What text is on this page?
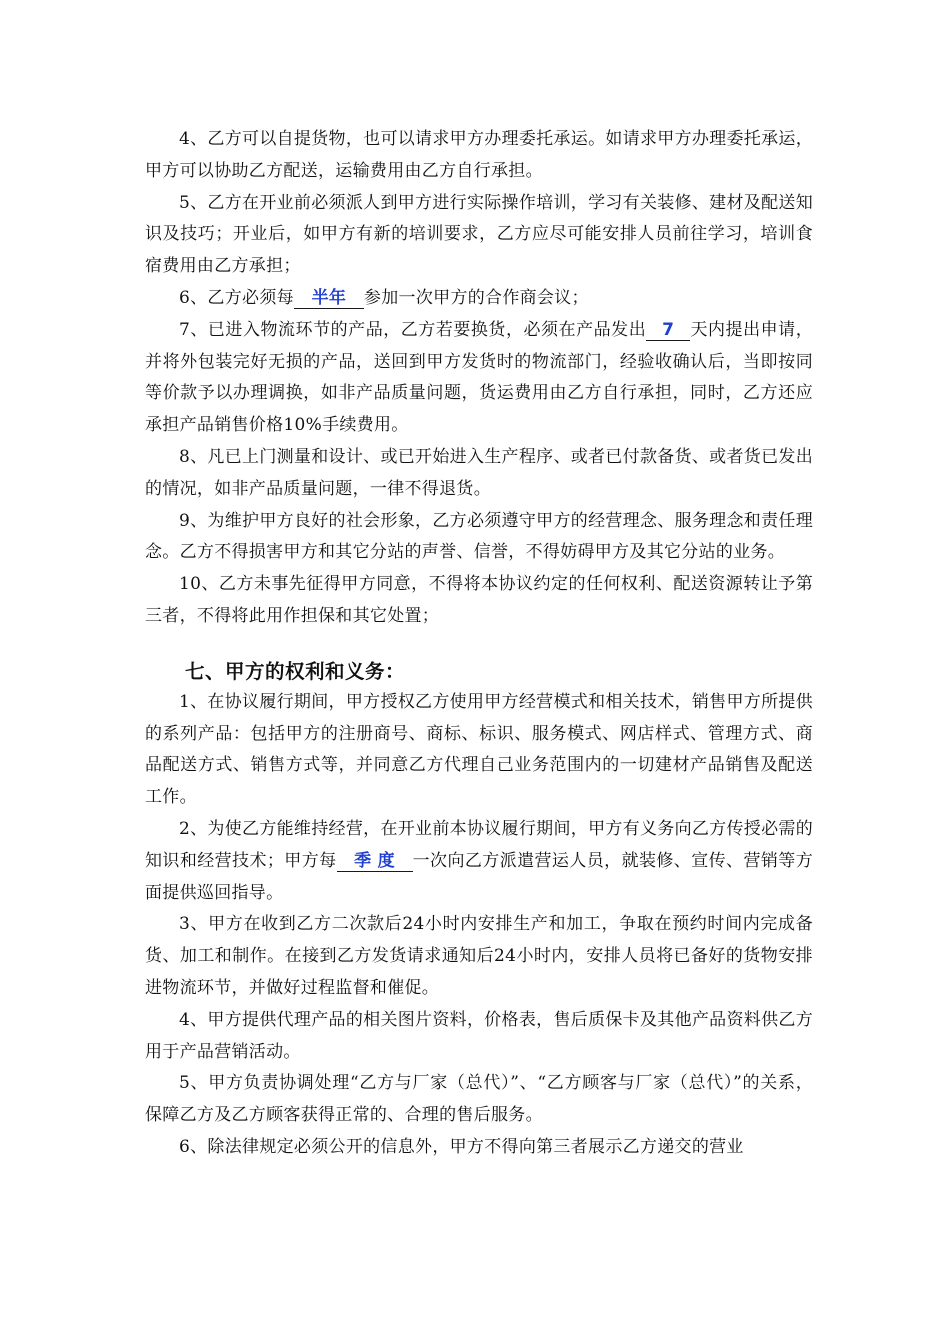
4、乙方可以自提货物，也可以请求甲方办理委托承运。如请求甲方办理委托承运，甲方可以协助乙方配送，运输费用由乙方自行承担。

5、乙方在开业前必须派人到甲方进行实际操作培训，学习有关装修、建材及配送知识及技巧；开业后，如甲方有新的培训要求，乙方应尽可能安排人员前往学习，培训食宿费用由乙方承担；

6、乙方必须每 半年 参加一次甲方的合作商会议；

7、已进入物流环节的产品，乙方若要换货，必须在产品发出 7 天内提出申请，并将外包装完好无损的产品，送回到甲方发货时的物流部门，经验收确认后，当即按同等价款予以办理调换，如非产品质量问题，货运费用由乙方自行承担，同时，乙方还应承担产品销售价格10%手续费用。

8、凡已上门测量和设计、或已开始进入生产程序、或者已付款备货、或者货已发出的情况，如非产品质量问题，一律不得退货。

9、为维护甲方良好的社会形象，乙方必须遵守甲方的经营理念、服务理念和责任理念。乙方不得损害甲方和其它分站的声誉、信誉，不得妨碍甲方及其它分站的业务。

10、乙方未事先征得甲方同意，不得将本协议约定的任何权利、配送资源转让予第三者，不得将此用作担保和其它处置；

七、甲方的权利和义务：

1、在协议履行期间，甲方授权乙方使用甲方经营模式和相关技术，销售甲方所提供的系列产品：包括甲方的注册商号、商标、标识、服务模式、网店样式、管理方式、商品配送方式、销售方式等，并同意乙方代理自己业务范围内的一切建材产品销售及配送工作。

2、为使乙方能维持经营，在开业前本协议履行期间，甲方有义务向乙方传授必需的知识和经营技术；甲方每 季 度 一次向乙方派遣营运人员，就装修、宣传、营销等方面提供巡回指导。

3、甲方在收到乙方二次款后24小时内安排生产和加工，争取在预约时间内完成备货、加工和制作。在接到乙方发货请求通知后24小时内，安排人员将已备好的货物安排进物流环节，并做好过程监督和催促。

4、甲方提供代理产品的相关图片资料，价格表，售后质保卡及其他产品资料供乙方用于产品营销活动。

5、甲方负责协调处理“乙方与厂家（总代）”、“乙方顾客与厂家（总代）”的关系，保障乙方及乙方顾客获得正常的、合理的售后服务。

6、除法律规定必须公开的信息外，甲方不得向第三者展示乙方递交的营业
